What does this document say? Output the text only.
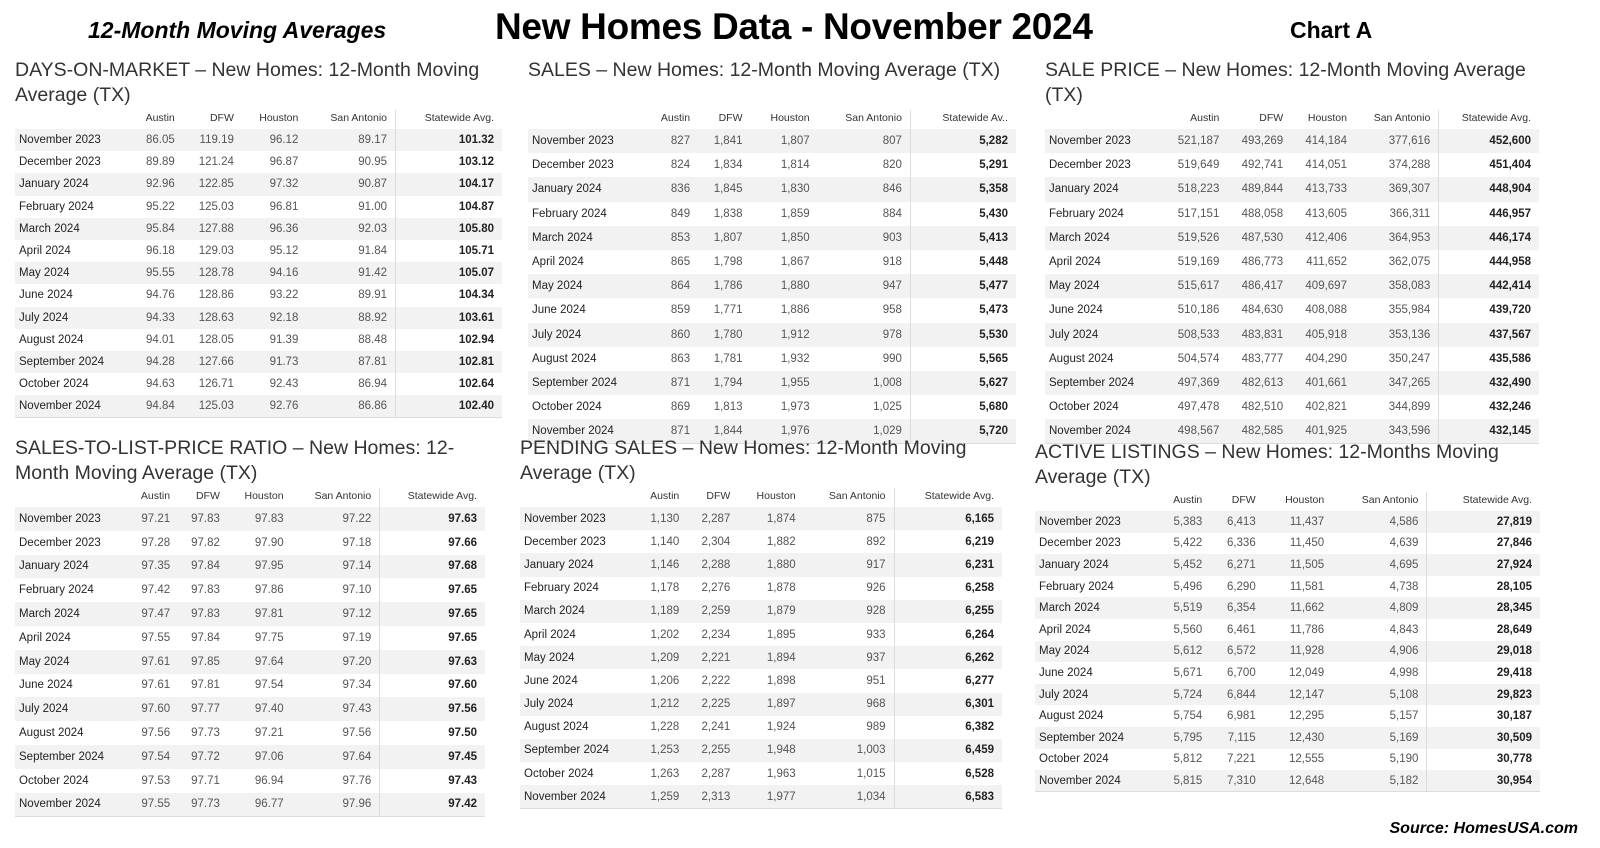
12-Month Moving Averages	New Homes Data - November 2024	Chart A
DAYS-ON-MARKET – New Homes: 12-Month Moving Average (TX)
	Austin	DFW	Houston	San Antonio	Statewide Avg.
November 2023	86.05	119.19	96.12	89.17	101.32
December 2023	89.89	121.24	96.87	90.95	103.12
January 2024	92.96	122.85	97.32	90.87	104.17
February 2024	95.22	125.03	96.81	91.00	104.87
March 2024	95.84	127.88	96.36	92.03	105.80
April 2024	96.18	129.03	95.12	91.84	105.71
May 2024	95.55	128.78	94.16	91.42	105.07
June 2024	94.76	128.86	93.22	89.91	104.34
July 2024	94.33	128.63	92.18	88.92	103.61
August 2024	94.01	128.05	91.39	88.48	102.94
September 2024	94.28	127.66	91.73	87.81	102.81
October 2024	94.63	126.71	92.43	86.94	102.64
November 2024	94.84	125.03	92.76	86.86	102.40
SALES – New Homes: 12-Month Moving Average (TX)
	Austin	DFW	Houston	San Antonio	Statewide Av..
November 2023	827	1,841	1,807	807	5,282
December 2023	824	1,834	1,814	820	5,291
January 2024	836	1,845	1,830	846	5,358
February 2024	849	1,838	1,859	884	5,430
March 2024	853	1,807	1,850	903	5,413
April 2024	865	1,798	1,867	918	5,448
May 2024	864	1,786	1,880	947	5,477
June 2024	859	1,771	1,886	958	5,473
July 2024	860	1,780	1,912	978	5,530
August 2024	863	1,781	1,932	990	5,565
September 2024	871	1,794	1,955	1,008	5,627
October 2024	869	1,813	1,973	1,025	5,680
November 2024	871	1,844	1,976	1,029	5,720
SALE PRICE – New Homes: 12-Month Moving Average (TX)
	Austin	DFW	Houston	San Antonio	Statewide Avg.
November 2023	521,187	493,269	414,184	377,616	452,600
December 2023	519,649	492,741	414,051	374,288	451,404
January 2024	518,223	489,844	413,733	369,307	448,904
February 2024	517,151	488,058	413,605	366,311	446,957
March 2024	519,526	487,530	412,406	364,953	446,174
April 2024	519,169	486,773	411,652	362,075	444,958
May 2024	515,617	486,417	409,697	358,083	442,414
June 2024	510,186	484,630	408,088	355,984	439,720
July 2024	508,533	483,831	405,918	353,136	437,567
August 2024	504,574	483,777	404,290	350,247	435,586
September 2024	497,369	482,613	401,661	347,265	432,490
October 2024	497,478	482,510	402,821	344,899	432,246
November 2024	498,567	482,585	401,925	343,596	432,145
SALES-TO-LIST-PRICE RATIO – New Homes: 12-Month Moving Average (TX)
	Austin	DFW	Houston	San Antonio	Statewide Avg.
November 2023	97.21	97.83	97.83	97.22	97.63
December 2023	97.28	97.82	97.90	97.18	97.66
January 2024	97.35	97.84	97.95	97.14	97.68
February 2024	97.42	97.83	97.86	97.10	97.65
March 2024	97.47	97.83	97.81	97.12	97.65
April 2024	97.55	97.84	97.75	97.19	97.65
May 2024	97.61	97.85	97.64	97.20	97.63
June 2024	97.61	97.81	97.54	97.34	97.60
July 2024	97.60	97.77	97.40	97.43	97.56
August 2024	97.56	97.73	97.21	97.56	97.50
September 2024	97.54	97.72	97.06	97.64	97.45
October 2024	97.53	97.71	96.94	97.76	97.43
November 2024	97.55	97.73	96.77	97.96	97.42
PENDING SALES – New Homes: 12-Month Moving Average (TX)
	Austin	DFW	Houston	San Antonio	Statewide Avg.
November 2023	1,130	2,287	1,874	875	6,165
December 2023	1,140	2,304	1,882	892	6,219
January 2024	1,146	2,288	1,880	917	6,231
February 2024	1,178	2,276	1,878	926	6,258
March 2024	1,189	2,259	1,879	928	6,255
April 2024	1,202	2,234	1,895	933	6,264
May 2024	1,209	2,221	1,894	937	6,262
June 2024	1,206	2,222	1,898	951	6,277
July 2024	1,212	2,225	1,897	968	6,301
August 2024	1,228	2,241	1,924	989	6,382
September 2024	1,253	2,255	1,948	1,003	6,459
October 2024	1,263	2,287	1,963	1,015	6,528
November 2024	1,259	2,313	1,977	1,034	6,583
ACTIVE LISTINGS – New Homes: 12-Months Moving Average (TX)
	Austin	DFW	Houston	San Antonio	Statewide Avg.
November 2023	5,383	6,413	11,437	4,586	27,819
December 2023	5,422	6,336	11,450	4,639	27,846
January 2024	5,452	6,271	11,505	4,695	27,924
February 2024	5,496	6,290	11,581	4,738	28,105
March 2024	5,519	6,354	11,662	4,809	28,345
April 2024	5,560	6,461	11,786	4,843	28,649
May 2024	5,612	6,572	11,928	4,906	29,018
June 2024	5,671	6,700	12,049	4,998	29,418
July 2024	5,724	6,844	12,147	5,108	29,823
August 2024	5,754	6,981	12,295	5,157	30,187
September 2024	5,795	7,115	12,430	5,169	30,509
October 2024	5,812	7,221	12,555	5,190	30,778
November 2024	5,815	7,310	12,648	5,182	30,954
Source: HomesUSA.com
